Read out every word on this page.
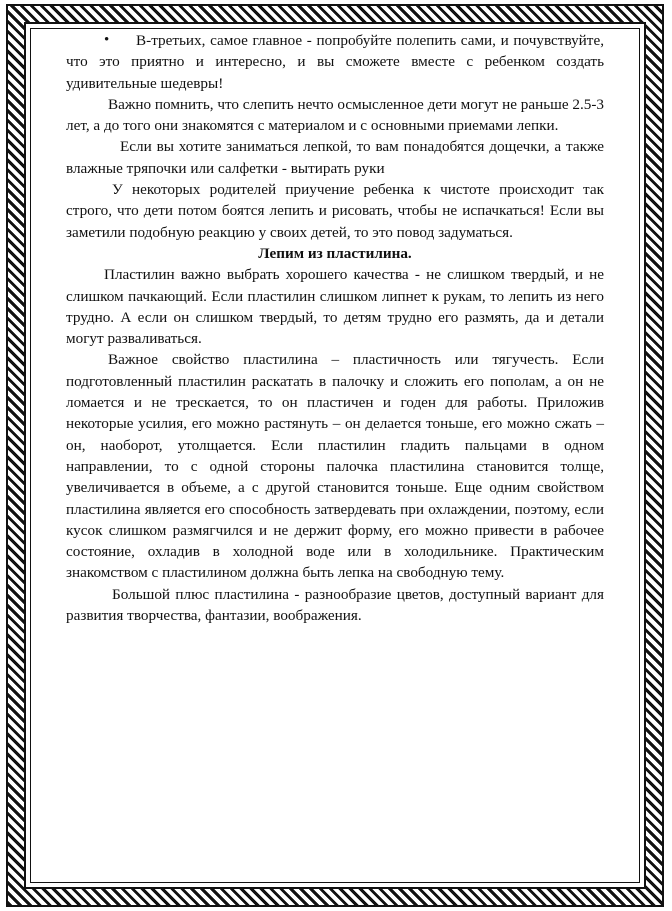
• В-третьих, самое главное - попробуйте полепить сами, и почувствуйте, что это приятно и интересно, и вы сможете вместе с ребенком создать удивительные шедевры!

Важно помнить, что слепить нечто осмысленное дети могут не раньше 2.5-3 лет, а до того они знакомятся с материалом и с основными приемами лепки.

Если вы хотите заниматься лепкой, то вам понадобятся дощечки, а также влажные тряпочки или салфетки - вытирать руки

У некоторых родителей приучение ребенка к чистоте происходит так строго, что дети потом боятся лепить и рисовать, чтобы не испачкаться! Если вы заметили подобную реакцию у своих детей, то это повод задуматься.

Лепим из пластилина.

Пластилин важно выбрать хорошего качества - не слишком твердый, и не слишком пачкающий. Если пластилин слишком липнет к рукам, то лепить из него трудно. А если он слишком твердый, то детям трудно его размять, да и детали могут разваливаться.

Важное свойство пластилина – пластичность или тягучесть. Если подготовленный пластилин раскатать в палочку и сложить его пополам, а он не ломается и не трескается, то он пластичен и годен для работы. Приложив некоторые усилия, его можно растянуть – он делается тоньше, его можно сжать – он, наоборот, утолщается. Если пластилин гладить пальцами в одном направлении, то с одной стороны палочка пластилина становится толще, увеличивается в объеме, а с другой становится тоньше. Еще одним свойством пластилина является его способность затвердевать при охлаждении, поэтому, если кусок слишком размягчился и не держит форму, его можно привести в рабочее состояние, охладив в холодной воде или в холодильнике. Практическим знакомством с пластилином должна быть лепка на свободную тему.

Большой плюс пластилина - разнообразие цветов, доступный вариант для развития творчества, фантазии, воображения.
